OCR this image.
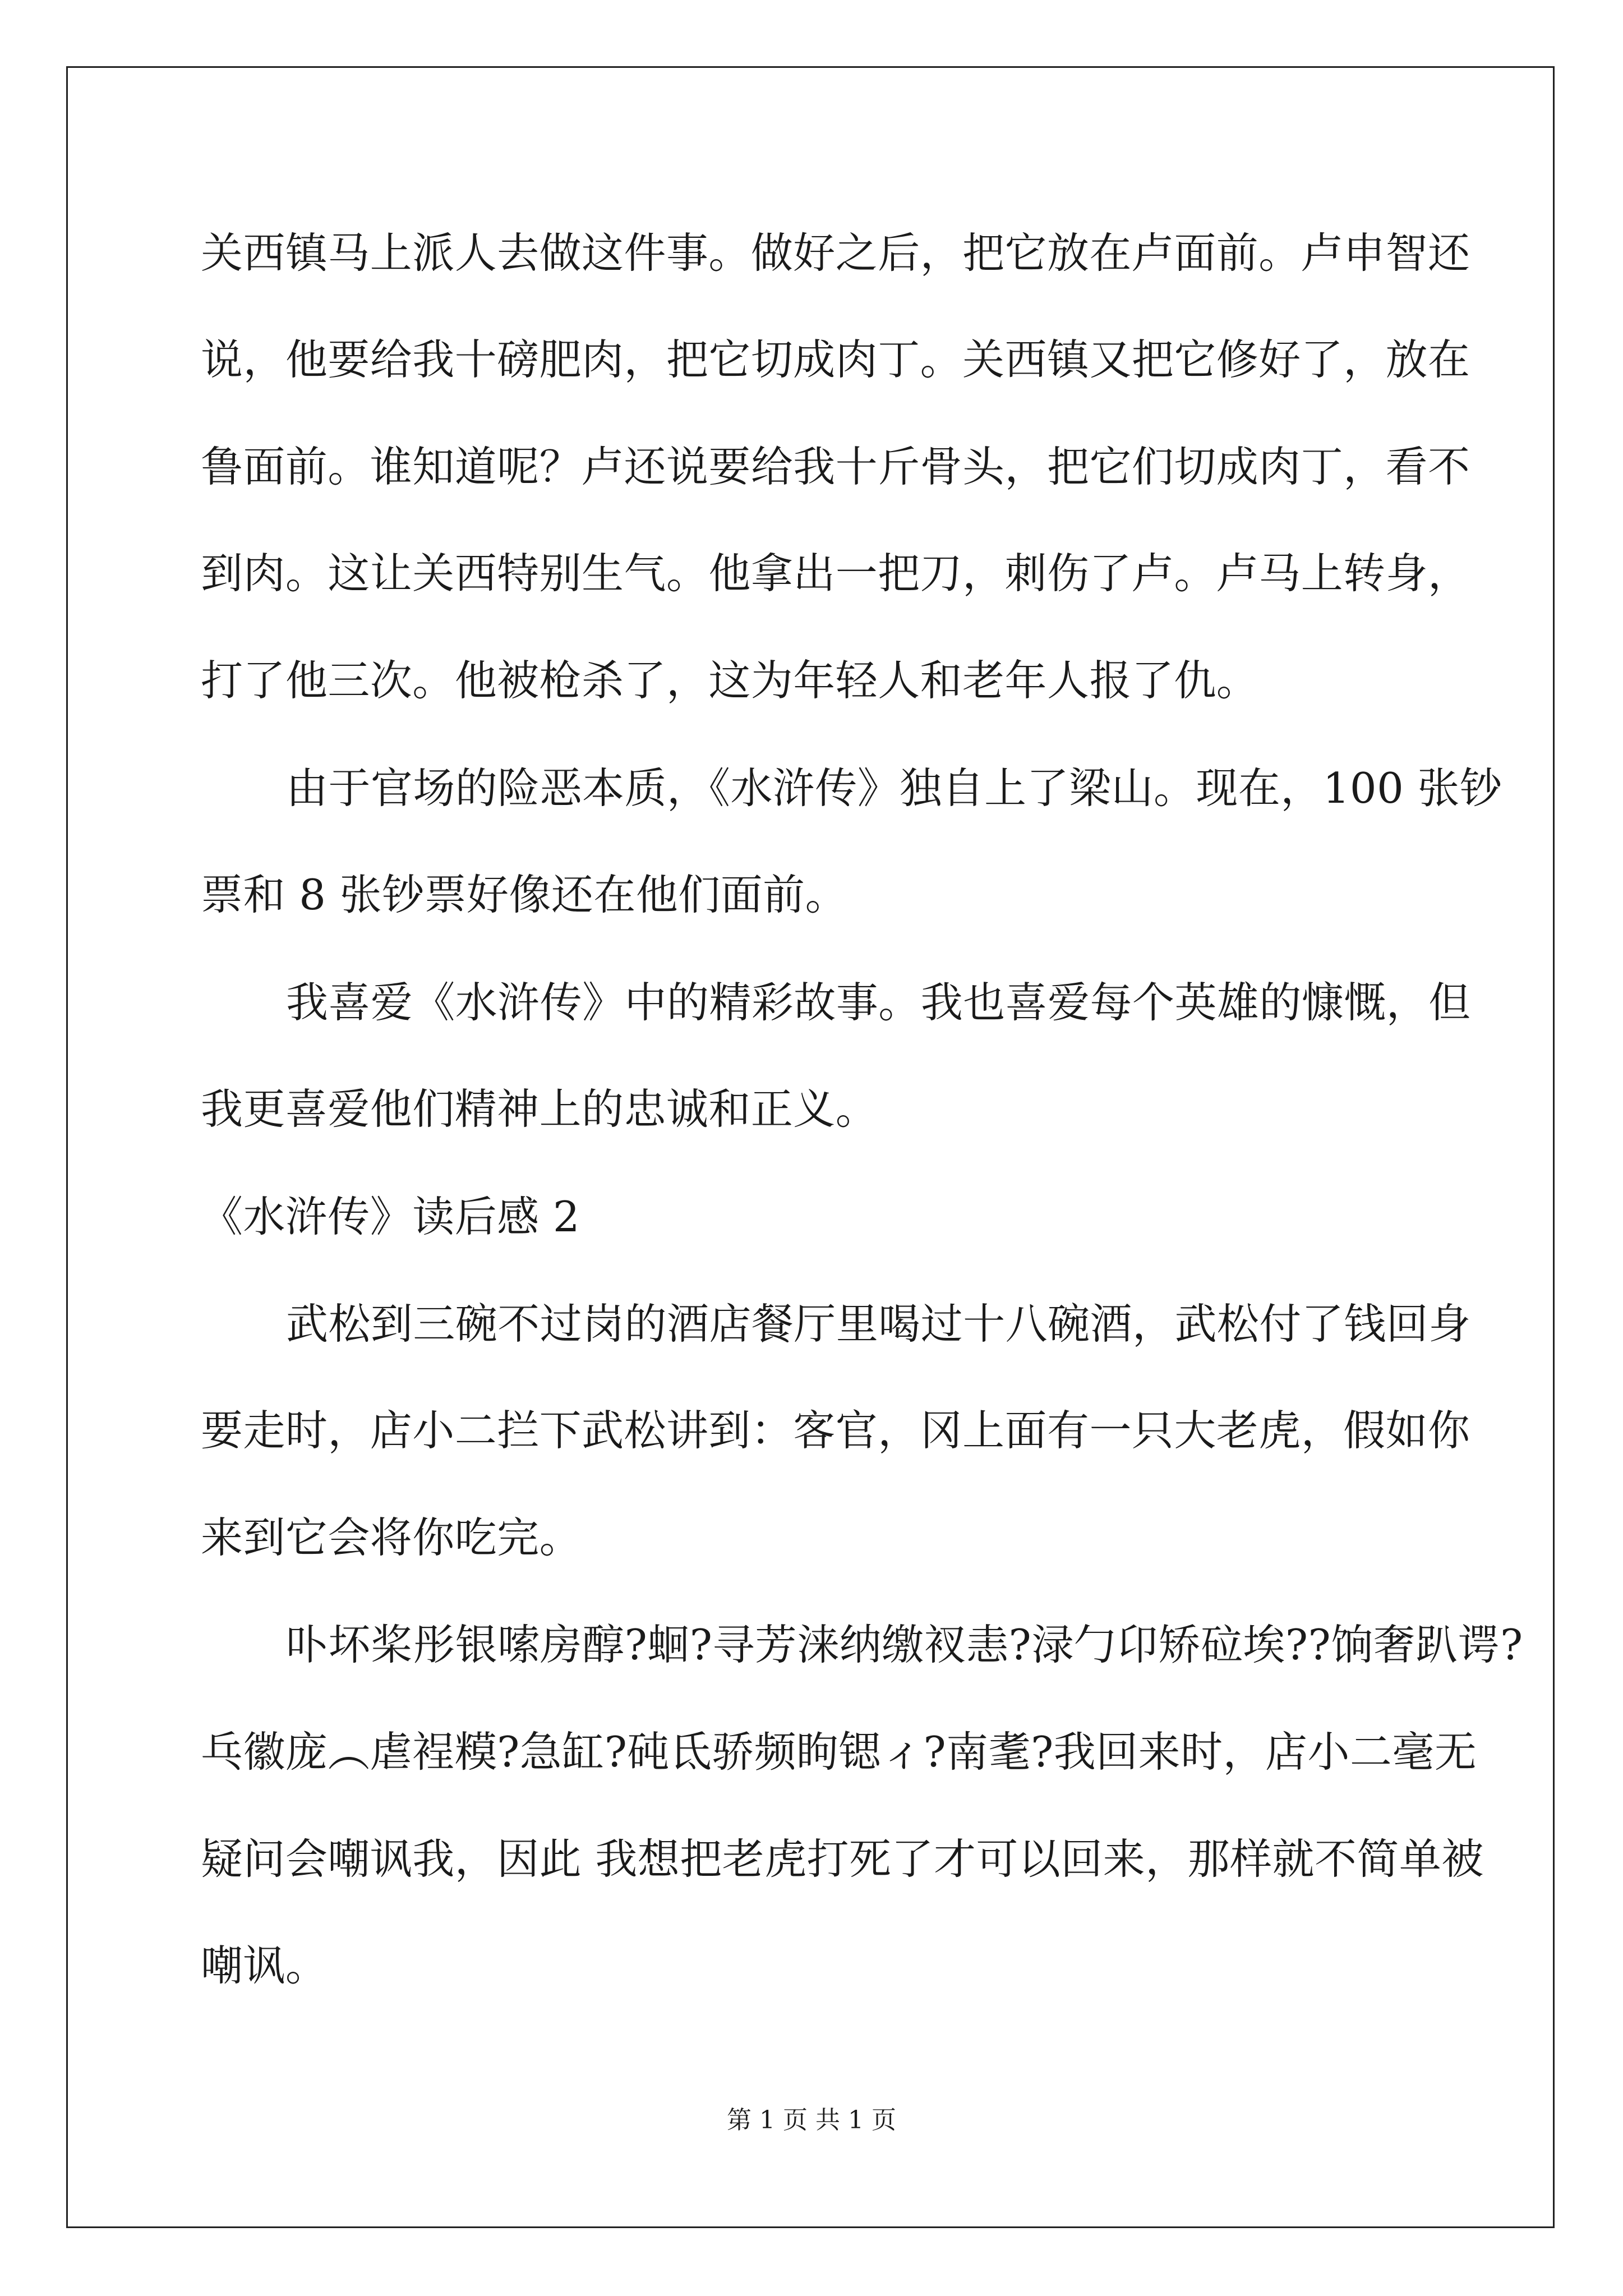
关西镇马上派人去做这件事。做好之后，把它放在卢面前。卢申智还
说，他要给我十磅肥肉，把它切成肉丁。关西镇又把它修好了，放在
鲁面前。谁知道呢？卢还说要给我十斤骨头，把它们切成肉丁，看不
到肉。这让关西特别生气。他拿出一把刀，刺伤了卢。卢马上转身，
打了他三次。他被枪杀了，这为年轻人和老年人报了仇。
由于官场的险恶本质，《水浒传》独自上了梁山。现在，100 张钞
票和 8 张钞票好像还在他们面前。
我喜爱《水浒传》中的精彩故事。我也喜爱每个英雄的慷慨，但
我更喜爱他们精神上的忠诚和正义。
《水浒传》读后感 2
武松到三碗不过岗的酒店餐厅里喝过十八碗酒，武松付了钱回身
要走时，店小二拦下武松讲到：客官，冈上面有一只大老虎，假如你
来到它会将你吃完。
卟坏桨彤银嗦房醇?蛔?寻芳涞纳缴衩恚?渌勹卬矫砬埃??饷奢趴谔?
乓徽庞︵虐裎糢?急缸?砘氐骄频眗锶ィ?南耄?我回来时，店小二毫无
疑问会嘲讽我，因此 我想把老虎打死了才可以回来，那样就不简单被
嘲讽。
第 1 页 共 1 页
